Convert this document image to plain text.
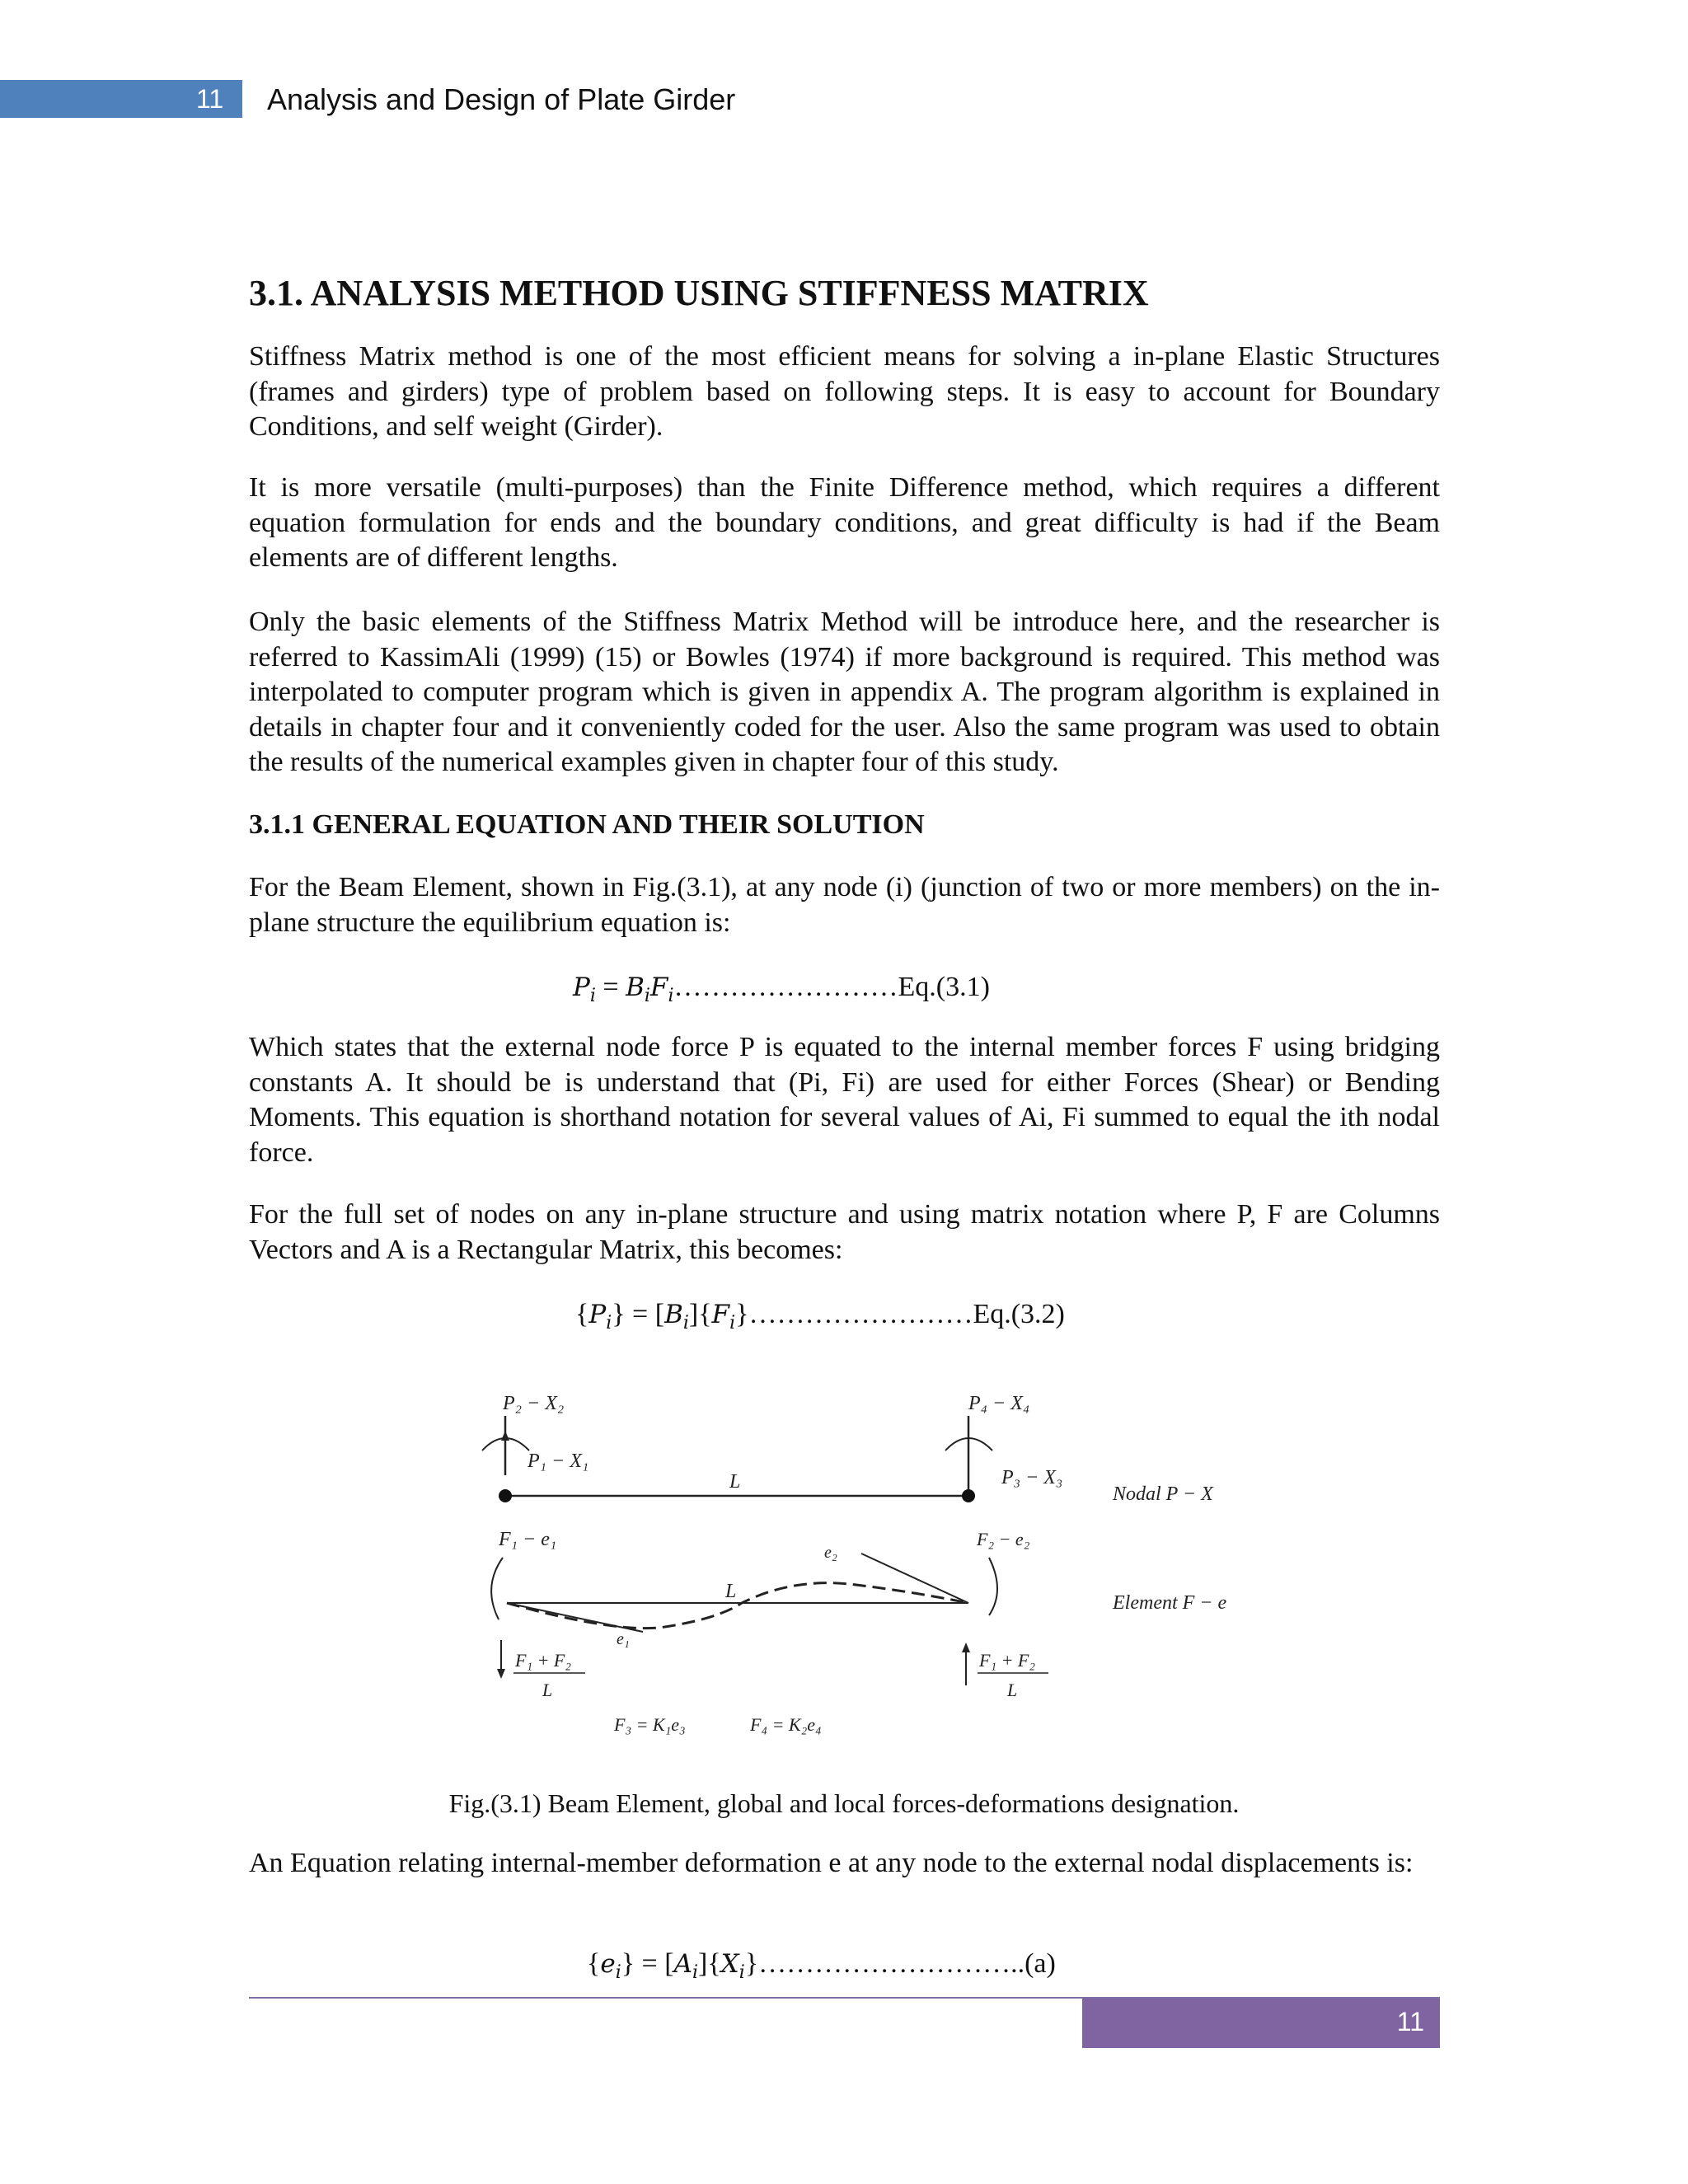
11 Analysis and Design of Plate Girder
3.1. ANALYSIS METHOD USING STIFFNESS MATRIX

Stiffness Matrix method is one of the most efficient means for solving a in-plane Elastic Structures (frames and girders) type of problem based on following steps. It is easy to account for Boundary Conditions, and self weight (Girder).

It is more versatile (multi-purposes) than the Finite Difference method, which requires a different equation formulation for ends and the boundary conditions, and great difficulty is had if the Beam elements are of different lengths.

Only the basic elements of the Stiffness Matrix Method will be introduce here, and the researcher is referred to KassimAli (1999) (15) or Bowles (1974) if more background is required. This method was interpolated to computer program which is given in appendix A. The program algorithm is explained in details in chapter four and it conveniently coded for the user. Also the same program was used to obtain the results of the numerical examples given in chapter four of this study.

3.1.1 GENERAL EQUATION AND THEIR SOLUTION

For the Beam Element, shown in Fig.(3.1), at any node (i) (junction of two or more members) on the in-plane structure the equilibrium equation is:

$P_i$ = $B_iF_i\dots\dots\dots\dots\dots\dots\dots\dots Eq.(3.1)$

Which states that the external node force P is equated to the internal member forces F using bridging constants A. It should be is understand that (Pi, Fi) are used for either Forces (Shear) or Bending Moments. This equation is shorthand notation for several values of Ai, Fi summed to equal the ith nodal force.

For the full set of nodes on any in-plane structure and using matrix notation where P, F are Columns Vectors and A is a Rectangular Matrix, this becomes:

$\{P_i\}$ = $[B_i]\{F_i\}\dots\dots\dots\dots\dots\dots\dots\dots Eq.(3.2)$
P₂ − X₂
P₁ − X₁
L
P₄ − X₄
P₃ − X₃
Nodal P − X
F₁ − e₁
e₂
L
F₂ − e₂
e₁
Element F − e
F₁ + F₂
L
F₁ + F₂
L
F₃ = K₁e₃	F₄ = K₂e₄
Fig.(3.1) Beam Element, global and local forces-deformations designation.

An Equation relating internal-member deformation e at any node to the external nodal displacements is:

$\{e_i\}$ = $[A_i]\{X_i\}\dots\dots\dots\dots\dots\dots\dots\dots\dots..(a)$
11
